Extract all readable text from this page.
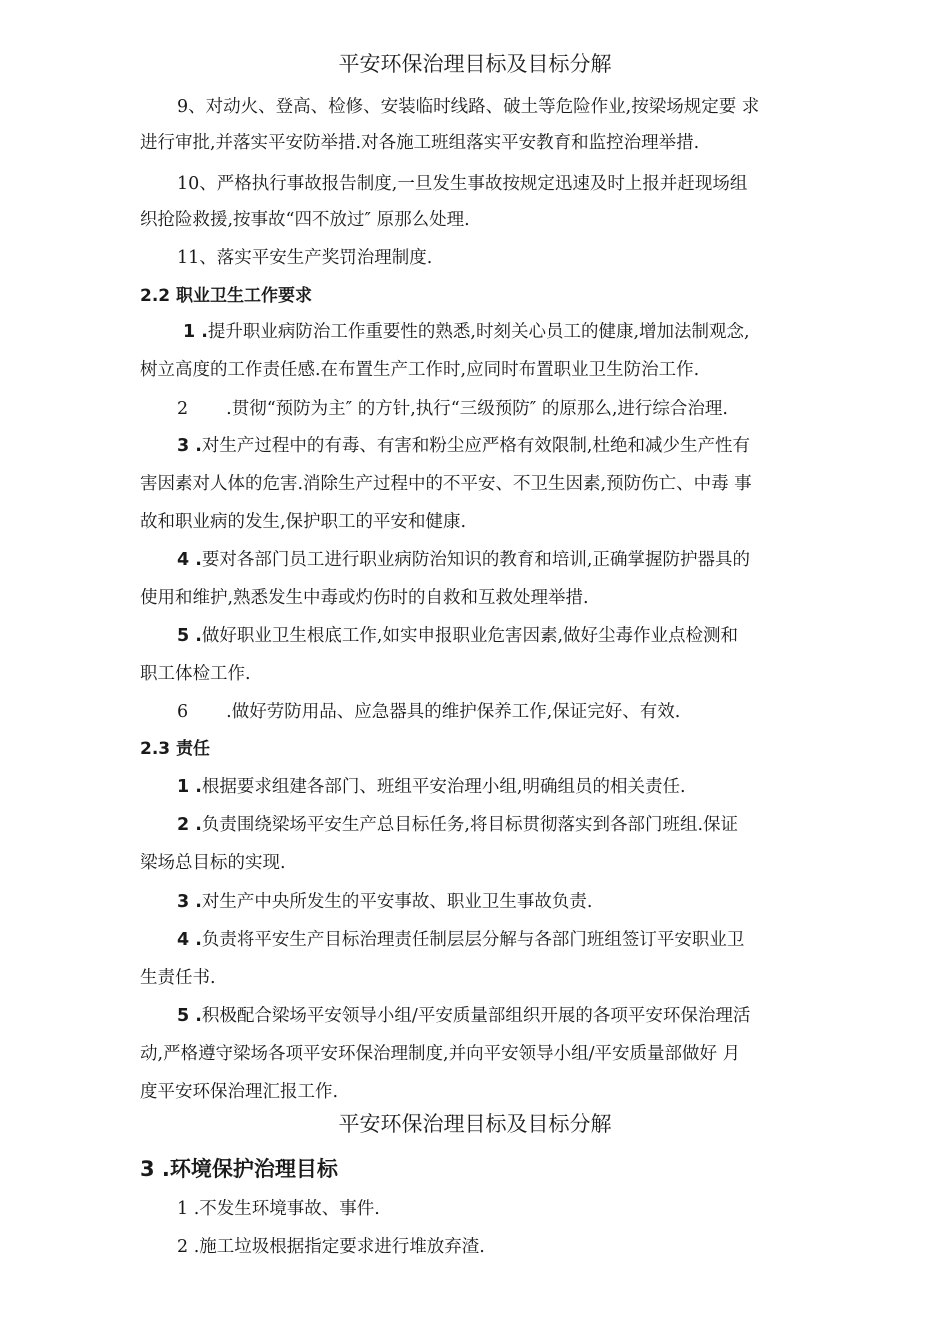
平安环保治理目标及目标分解
9、对动火、登高、检修、安装临时线路、破土等危险作业,按梁场规定要 求
进行审批,并落实平安防举措.对各施工班组落实平安教育和监控治理举措.
10、严格执行事故报告制度,一旦发生事故按规定迅速及时上报并赶现场组
织抢险救援,按事故“四不放过″ 原那么处理.
11、落实平安生产奖罚治理制度.
2.2 职业卫生工作要求
1 .提升职业病防治工作重要性的熟悉,时刻关心员工的健康,增加法制观念,
树立高度的工作责任感.在布置生产工作时,应同时布置职业卫生防治工作.
2 .贯彻“预防为主″ 的方针,执行“三级预防″ 的原那么,进行综合治理.
3 .对生产过程中的有毒、有害和粉尘应严格有效限制,杜绝和减少生产性有
害因素对人体的危害.消除生产过程中的不平安、不卫生因素,预防伤亡、中毒 事
故和职业病的发生,保护职工的平安和健康.
4 .要对各部门员工进行职业病防治知识的教育和培训,正确掌握防护器具的
使用和维护,熟悉发生中毒或灼伤时的自救和互救处理举措.
5 .做好职业卫生根底工作,如实申报职业危害因素,做好尘毒作业点检测和
职工体检工作.
6 .做好劳防用品、应急器具的维护保养工作,保证完好、有效.
2.3 责任
1 .根据要求组建各部门、班组平安治理小组,明确组员的相关责任.
2 .负责围绕梁场平安生产总目标任务,将目标贯彻落实到各部门班组.保证
梁场总目标的实现.
3 .对生产中央所发生的平安事故、职业卫生事故负责.
4 .负责将平安生产目标治理责任制层层分解与各部门班组签订平安职业卫
生责任书.
5 .积极配合梁场平安领导小组/平安质量部组织开展的各项平安环保治理活
动,严格遵守梁场各项平安环保治理制度,并向平安领导小组/平安质量部做好 月
度平安环保治理汇报工作.
平安环保治理目标及目标分解
3 .环境保护治理目标
1 .不发生环境事故、事件.
2 .施工垃圾根据指定要求进行堆放弃渣.
